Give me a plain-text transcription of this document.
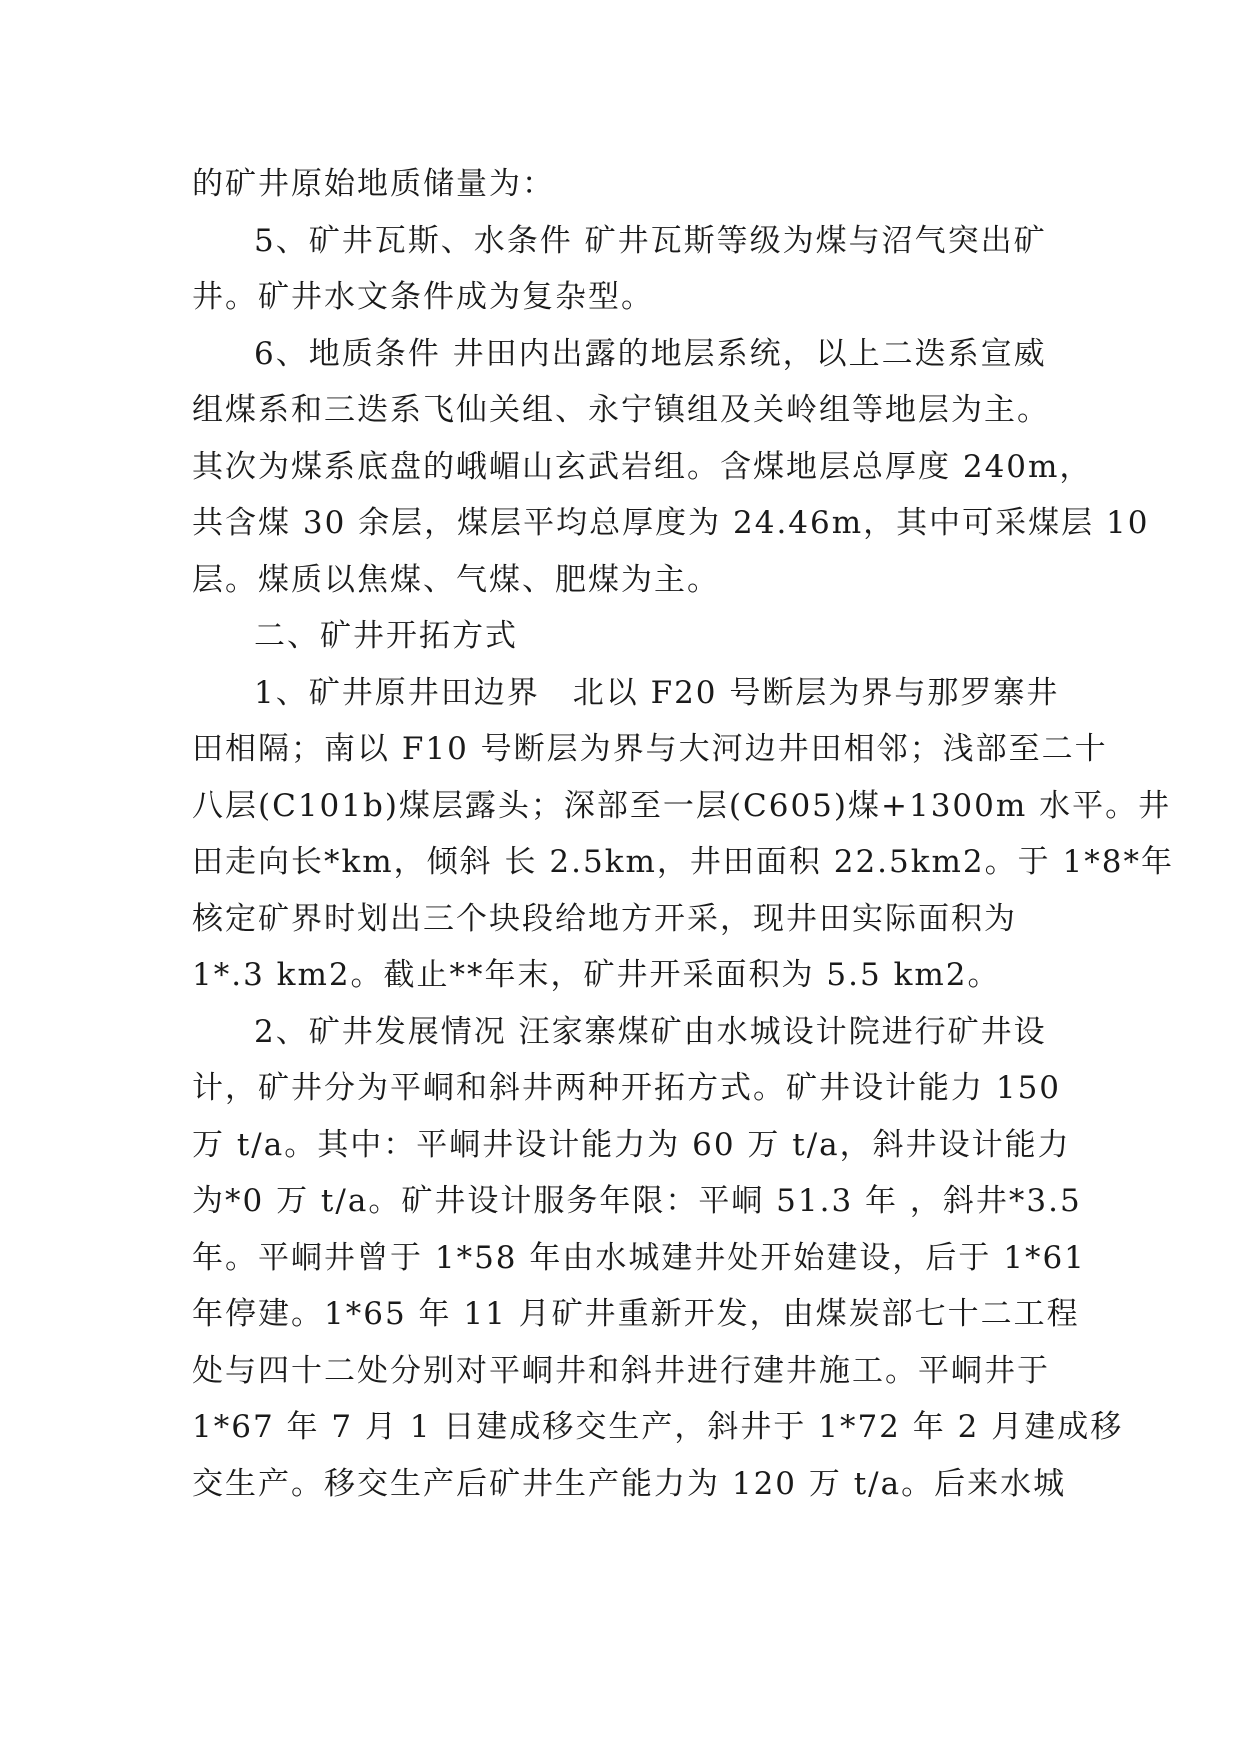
的矿井原始地质储量为：
5、矿井瓦斯、水条件 矿井瓦斯等级为煤与沼气突出矿
井。矿井水文条件成为复杂型。
6、地质条件 井田内出露的地层系统，以上二迭系宣威
组煤系和三迭系飞仙关组、永宁镇组及关岭组等地层为主。
其次为煤系底盘的峨嵋山玄武岩组。含煤地层总厚度 240m，
共含煤 30 余层，煤层平均总厚度为 24.46m，其中可采煤层 10
层。煤质以焦煤、气煤、肥煤为主。
二、矿井开拓方式
1、矿井原井田边界　北以 F20 号断层为界与那罗寨井
田相隔；南以 F10 号断层为界与大河边井田相邻；浅部至二十
八层(C101b)煤层露头；深部至一层(C605)煤+1300m 水平。井
田走向长*km，倾斜 长 2.5km，井田面积 22.5km2。于 1*8*年
核定矿界时划出三个块段给地方开采，现井田实际面积为
1*.3 km2。截止**年末，矿井开采面积为 5.5 km2。
2、矿井发展情况 汪家寨煤矿由水城设计院进行矿井设
计，矿井分为平峒和斜井两种开拓方式。矿井设计能力 150
万 t/a。其中：平峒井设计能力为 60 万 t/a，斜井设计能力
为*0 万 t/a。矿井设计服务年限：平峒 51.3 年 ，斜井*3.5
年。平峒井曾于 1*58 年由水城建井处开始建设，后于 1*61
年停建。1*65 年 11 月矿井重新开发，由煤炭部七十二工程
处与四十二处分别对平峒井和斜井进行建井施工。平峒井于
1*67 年 7 月 1 日建成移交生产，斜井于 1*72 年 2 月建成移
交生产。移交生产后矿井生产能力为 120 万 t/a。后来水城
